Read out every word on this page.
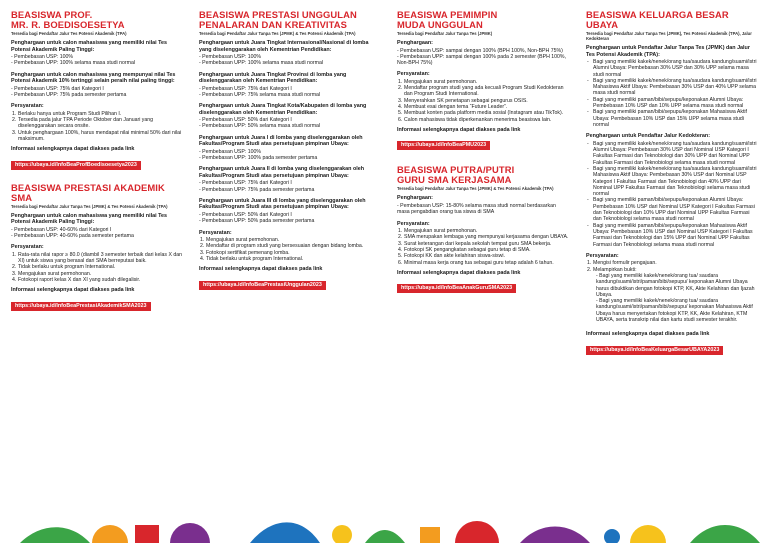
BEASISWA PROF.
MR. R. BOEDISOESETYA

Tersedia bagi Pendaftar Jalur Tes Potensi Akademik (TPA)

Penghargaan untuk calon mahasiswa yang memiliki nilai Tes Potensi Akademik Paling Tinggi:

- Pembebasan USP: 100%
- Pembebasan UPP: 100% selama masa studi normal

Penghargaan untuk calon mahasiswa yang mempunyai nilai Tes Potensi Akademik 10% tertinggi selain peraih nilai paling tinggi:

- Pembebasan USP: 75% dari Kategori I
- Pembebasan UPP: 75% pada semester pertama

Persyaratan:

1. Berlaku hanya untuk Program Studi Pilihan I.
2. Tersedia pada jalur TPA Periode Oktober dan Januari yang diselenggarakan secara onsite.
3. Untuk penghargaan 100%, harus mendapat nilai minimal 50% dari nilai maksimum.

Informasi selengkapnya dapat diakses pada link

https://ubaya.id/InfoBeaProfBoedisoesetya2023
BEASISWA PRESTASI AKADEMIK SMA

Tersedia bagi Pendaftar Jalur Tanpa Tes (JPMK) & Tes Potensi Akademik (TPA)

Penghargaan untuk calon mahasiswa yang memiliki nilai Tes Potensi Akademik Paling Tinggi:

- Pembebasan USP: 40-60% dari Kategori I
- Pembebasan UPP: 40-60% pada semester pertama

Persyaratan:

1. Rata-rata nilai rapor ≥ 80.0 (diambil 3 semester terbaik dari kelas X dan XI) untuk siswa yang berasal dari SMA berreputasi baik.
2. Tidak berlaku untuk program International.
3. Mengajukan surat permohonan.
4. Fotokopi raport kelas X dan XI yang sudah dilegalisir.

Informasi selengkapnya dapat diakses pada link

https://ubaya.id/InfoBeaPrestasiAkademikSMA2023
BEASISWA PRESTASI UNGGULAN
PENALARAN DAN KREATIVITAS

Tersedia bagi Pendaftar Jalur Tanpa Tes (JPMK) & Tes Potensi Akademik (TPA)

Penghargaan untuk Juara Tingkat Internasional/Nasional di lomba yang diselenggarakan oleh Kementrian Pendidikan:

- Pembebasan USP: 100%
- Pembebasan UPP: 100% selama masa studi normal

Penghargaan untuk Juara Tingkat Provinsi di lomba yang diselenggarakan oleh Kementrian Pendidikan:

- Pembebasan USP: 75% dari Kategori I
- Pembebasan UPP: 75% selama masa studi normal

Penghargaan untuk Juara Tingkat Kota/Kabupaten di lomba yang diselenggarakan oleh Kementrian Pendidikan:

- Pembebasan USP: 50% dari Kategori I
- Pembebasan UPP: 50% selama masa studi normal

Penghargaan untuk Juara I di lomba yang diselenggarakan oleh Fakultas/Program Studi atas persetujuan pimpinan Ubaya:

- Pembebasan USP: 100%
- Pembebasan UPP: 100% pada semester pertama

Penghargaan untuk Juara II di lomba yang diselenggarakan oleh Fakultas/Program Studi atas persetujuan pimpinan Ubaya:

- Pembebasan USP: 75% dari Kategori I
- Pembebasan UPP: 75% pada semester pertama

Penghargaan untuk Juara III di lomba yang diselenggarakan oleh Fakultas/Program Studi atas persetujuan pimpinan Ubaya:

- Pembebasan USP: 50% dari Kategori I
- Pembebasan UPP: 50% pada semester pertama

Persyaratan:

1. Mengajukan surat permohonan.
2. Mendaftar di program studi yang bersesuaian dengan bidang lomba.
3. Fotokopi sertifikat pemenang lomba.
4. Tidak berlaku untuk program International.

Informasi selengkapnya dapat diakses pada link

https://ubaya.id/InfoBeaPrestasiUnggulan2023
BEASISWA PEMIMPIN
MUDA UNGGULAN

Tersedia bagi Pendaftar Jalur Tanpa Tes (JPMK)

Penghargaan:

- Pembebasan USP: sampai dengan 100% (BPH 100%, Non-BPH 75%)
- Pembebasan UPP: sampai dengan 100% pada 2 semester (BPH 100%, Non-BPH 75%)

Persyaratan:

1. Mengajukan surat permohonan.
2. Mendaftar program studi yang ada kecuali Program Studi Kedokteran dan Program Studi International.
3. Menyerahkan SK penetapan sebagai pengurus OSIS.
4. Membuat esai dengan tema “Future Leader”.
5. Membuat konten pada platform media sosial (Instagram atau TikTok).
6. Calon mahasiswa tidak diperkenankan menerima beasiswa lain.

Informasi selengkapnya dapat diakses pada link

https://ubaya.id/InfoBeaPMU2023
BEASISWA PUTRA/PUTRI
GURU SMA KERJASAMA

Tersedia bagi Pendaftar Jalur Tanpa Tes (JPMK) & Tes Potensi Akademik (TPA)

Penghargaan:

- Pembebasan USP: 15-80% selama masa studi normal berdasarkan masa pengabdian orang tua siswa di SMA

Persyaratan:

1. Mengajukan surat permohonan.
2. SMA merupakan lembaga yang mempunyai kerjasama dengan UBAYA.
3. Surat keterangan dari kepala sekolah tempat guru SMA bekerja.
4. Fotokopi SK pengangkatan sebagai guru tetap di SMA.
5. Fotokopi KK dan akte kelahiran siswa-siswi.
6. Minimal masa kerja orang tua sebagai guru tetap adalah 6 tahun.

Informasi selengkapnya dapat diakses pada link

https://ubaya.id/InfoBeaAnakGuruSMA2023
BEASISWA KELUARGA BESAR UBAYA

Tersedia bagi Pendaftar Jalur Tanpa Tes (JPMK), Tes Potensi Akademik (TPA), Jalur Kedokteran

Penghargaan untuk Pendaftar Jalur Tanpa Tes (JPMK) dan Jalur Tes Potensi Akademik (TPA):

- Bagi yang memiliki kakek/nenek/orang tua/saudara kandung/suami/istri Alumni Ubaya: Pembebasan 30% USP dan 30% UPP selama masa studi normal
- Bagi yang memiliki kakek/nenek/orang tua/saudara kandung/suami/istri Mahasiswa Aktif Ubaya: Pembebasan 30% USP dan 40% UPP selama masa studi normal
- Bagi yang memiliki paman/bibi/sepupu/keponakan Alumni Ubaya: Pembebasan 10% USP dan 10% UPP selama masa studi normal
- Bagi yang memiliki paman/bibi/sepupu/keponakan Mahasiswa Aktif Ubaya: Pembebasan 10% USP dan 15% UPP selama masa studi normal

Penghargaan untuk Pendaftar Jalur Kedokteran:

- Bagi yang memiliki kakek/nenek/orang tua/saudara kandung/suami/istri Alumni Ubaya: Pembebasan 30% USP dari Nominal USP Kategori I Fakultas Farmasi dan Teknobiologi dan 30% UPP dari Nominal UPP Fakultas Farmasi dan Teknobiologi selama masa studi normal
- Bagi yang memiliki kakek/nenek/orang tua/saudara kandung/suami/istri Mahasiswa Aktif Ubaya: Pembebasan 30% USP dari Nominal USP Kategori I Fakultas Farmasi dan Teknobiologi dan 40% UPP dari Nominal UPP Fakultas Farmasi dan Teknobiologi selama masa studi normal
- Bagi yang memiliki paman/bibi/sepupu/keponakan Alumni Ubaya: Pembebasan 10% USP dari Nominal USP Kategori I Fakultas Farmasi dan Teknobiologi dan 10% UPP dari Nominal UPP Fakultas Farmasi dan Teknobiologi selama masa studi normal
- Bagi yang memiliki paman/bibi/sepupu/keponakan Mahasiswa Aktif Ubaya: Pembebasan 10% USP dari Nominal USP Kategori I Fakultas Farmasi dan Teknobiologi dan 15% UPP dari Nominal UPP Fakultas Farmasi dan Teknobiologi selama masa studi normal

Persyaratan:

1. Mengisi formulir pengajuan.
2. Melampirkan bukti:
- Bagi yang memiliki kakek/nenek/orang tua/ saudara kandung/suami/istri/paman/bibi/sepupu/ keponakan Alumni Ubaya harus dibuktikan dengan fotokopi KTP, KK, Akte Kelahiran dan Ijazah Ubaya.
- Bagi yang memiliki kakek/nenek/orang tua/ saudara kandung/suami/istri/paman/bibi/sepupu/ keponakan Mahasiswa Aktif Ubaya harus menyertakan fotokopi KTP, KK, Akte Kelahiran, KTM UBAYA, serta transkrip nilai dan kartu studi semester terakhir.

Informasi selengkapnya dapat diakses pada link

https://ubaya.id/InfoBeaKeluargaBesarUBAYA2023
